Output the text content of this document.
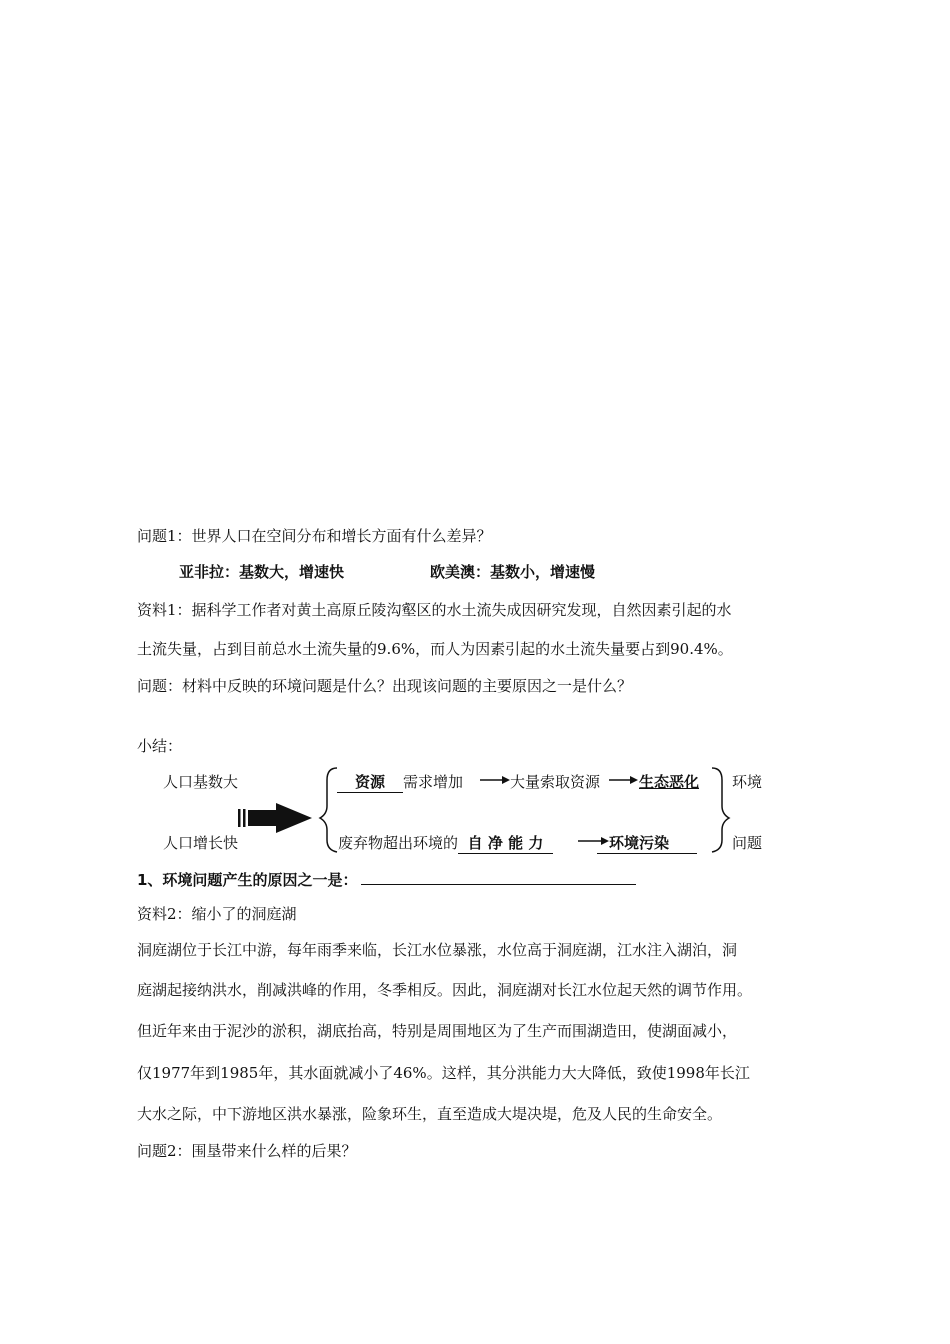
问题1：世界人口在空间分布和增长方面有什么差异？
亚非拉：基数大，增速快	欧美澳：基数小，增速慢
资料1：据科学工作者对黄土高原丘陵沟壑区的水土流失成因研究发现，自然因素引起的水
土流失量，占到目前总水土流失量的9.6%，而人为因素引起的水土流失量要占到90.4%。
问题：材料中反映的环境问题是什么？出现该问题的主要原因之一是什么？
小结：
人口基数大
人口增长快
资源 需求增加	大量索取资源	生态恶化 环境
废弃物超出环境的 自 净 能 力	环境污染	问题
1、环境问题产生的原因之一是：
资料2：缩小了的洞庭湖
洞庭湖位于长江中游，每年雨季来临，长江水位暴涨，水位高于洞庭湖，江水注入湖泊，洞
庭湖起接纳洪水，削减洪峰的作用，冬季相反。因此，洞庭湖对长江水位起天然的调节作用。
但近年来由于泥沙的淤积，湖底抬高，特别是周围地区为了生产而围湖造田，使湖面减小，
仅1977年到1985年，其水面就减小了46%。这样，其分洪能力大大降低，致使1998年长江
大水之际，中下游地区洪水暴涨，险象环生，直至造成大堤决堤，危及人民的生命安全。
问题2：围垦带来什么样的后果？
